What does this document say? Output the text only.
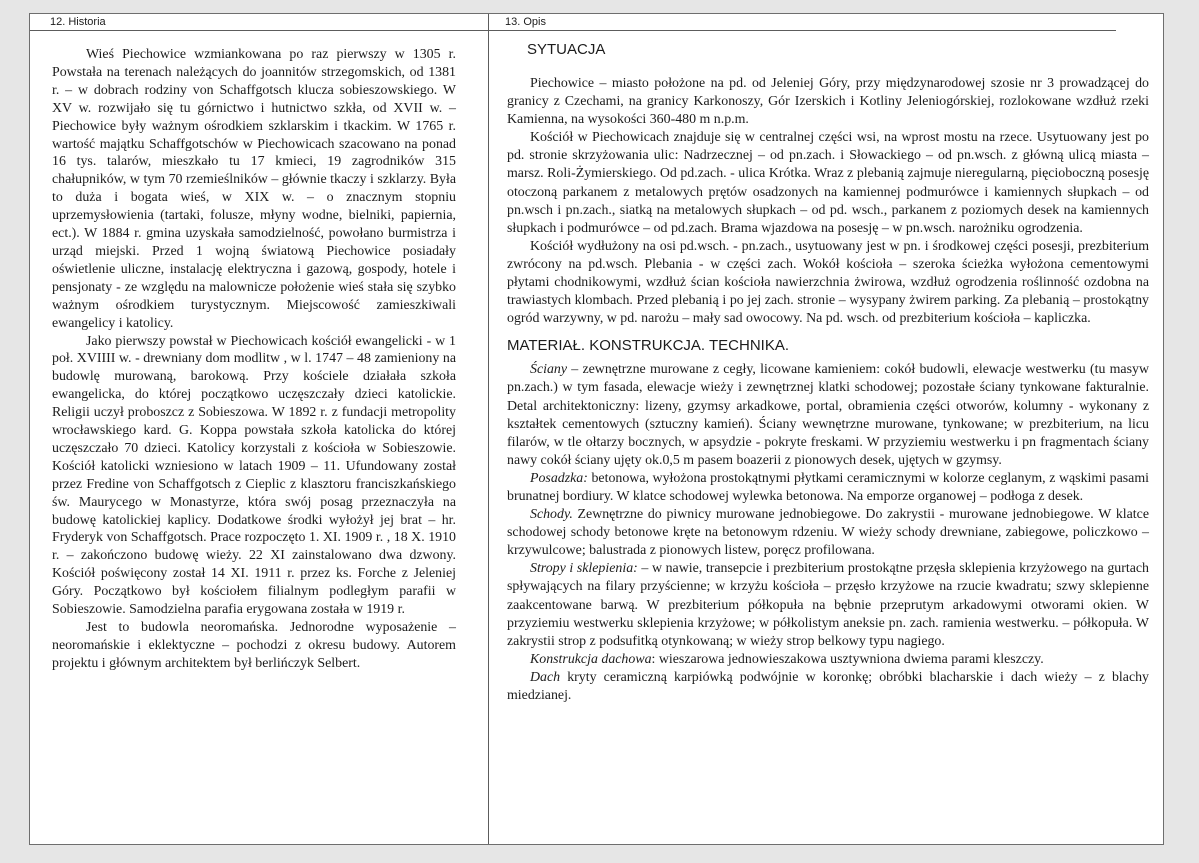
12. Historia	13. Opis

Wieś Piechowice wzmiankowana po raz pierwszy w 1305 r. Powstała na terenach należących do joannitów strzegomskich, od 1381 r. – w dobrach rodziny von Schaffgotsch klucza sobieszowskiego. W XV w. rozwijało się tu górnictwo i hutnictwo szkła, od XVII w. – Piechowice były ważnym ośrodkiem szklarskim i tkackim. W 1765 r. wartość majątku Schaffgotschów w Piechowicach szacowano na ponad 16 tys. talarów, mieszkało tu 17 kmieci, 19 zagrodników 315 chałupników, w tym 70 rzemieślników – głównie tkaczy i szklarzy. Była to duża i bogata wieś, w XIX w. – o znacznym stopniu uprzemysłowienia (tartaki, folusze, młyny wodne, bielniki, papiernia, ect.). W 1884 r. gmina uzyskała samodzielność, powołano burmistrza i urząd miejski. Przed 1 wojną światową Piechowice posiadały oświetlenie uliczne, instalację elektryczna i gazową, gospody, hotele i pensjonaty - ze względu na malownicze położenie wieś stała się szybko ważnym ośrodkiem turystycznym. Miejscowość zamieszkiwali ewangelicy i katolicy.

Jako pierwszy powstał w Piechowicach kościół ewangelicki - w 1 poł. XVIIII w. - drewniany dom modlitw , w l. 1747 – 48 zamieniony na budowlę murowaną, barokową. Przy kościele działała szkoła ewangelicka, do której początkowo uczęszczały dzieci katolickie. Religii uczył proboszcz z Sobieszowa. W 1892 r. z fundacji metropolity wrocławskiego kard. G. Koppa powstała szkoła katolicka do której uczęszczało 70 dzieci. Katolicy korzystali z kościoła w Sobieszowie. Kościół katolicki wzniesiono w latach 1909 – 11. Ufundowany został przez Fredine von Schaffgotsch z Cieplic z klasztoru franciszkańskiego św. Maurycego w Monastyrze, która swój posag przeznaczyła na budowę katolickiej kaplicy. Dodatkowe środki wyłożył jej brat – hr. Fryderyk von Schaffgotsch. Prace rozpoczęto 1. XI. 1909 r. , 18 X. 1910 r. – zakończono budowę wieży. 22 XI zainstalowano dwa dzwony. Kościół poświęcony został 14 XI. 1911 r. przez ks. Forche z Jeleniej Góry. Początkowo był kościołem filialnym podległym parafii w Sobieszowie. Samodzielna parafia erygowana została w 1919 r.

Jest to budowla neoromańska. Jednorodne wyposażenie – neoromańskie i eklektyczne – pochodzi z okresu budowy. Autorem projektu i głównym architektem był berlińczyk Selbert.

SYTUACJA

Piechowice – miasto położone na pd. od Jeleniej Góry, przy międzynarodowej szosie nr 3 prowadzącej do granicy z Czechami, na granicy Karkonoszy, Gór Izerskich i Kotliny Jeleniogórskiej, rozlokowane wzdłuż rzeki Kamienna, na wysokości 360-480 m n.p.m.

Kościół w Piechowicach znajduje się w centralnej części wsi, na wprost mostu na rzece. Usytuowany jest po pd. stronie skrzyżowania ulic: Nadrzecznej – od pn.zach. i Słowackiego – od pn.wsch. z główną ulicą miasta – marsz. Roli-Żymierskiego. Od pd.zach. - ulica Krótka. Wraz z plebanią zajmuje nieregularną, pięcioboczną posesję otoczoną parkanem z metalowych prętów osadzonych na kamiennej podmurówce i kamiennych słupkach – od pn.wsch i pn.zach., siatką na metalowych słupkach – od pd. wsch., parkanem z poziomych desek na kamiennych słupkach i podmurówce – od pd.zach. Brama wjazdowa na posesję – w pn.wsch. narożniku ogrodzenia.

Kościół wydłużony na osi pd.wsch. - pn.zach., usytuowany jest w pn. i środkowej części posesji, prezbiterium zwrócony na pd.wsch. Plebania - w części zach. Wokół kościoła – szeroka ścieżka wyłożona cementowymi płytami chodnikowymi, wzdłuż ścian kościoła nawierzchnia żwirowa, wzdłuż ogrodzenia roślinność ozdobna na trawiastych klombach. Przed plebanią i po jej zach. stronie – wysypany żwirem parking. Za plebanią – prostokątny ogród warzywny, w pd. narożu – mały sad owocowy. Na pd. wsch. od prezbiterium kościoła – kapliczka.

MATERIAŁ. KONSTRUKCJA. TECHNIKA.

Ściany – zewnętrzne murowane z cegły, licowane kamieniem: cokół budowli, elewacje westwerku (tu masyw pn.zach.) w tym fasada, elewacje wieży i zewnętrznej klatki schodowej; pozostałe ściany tynkowane fakturalnie. Detal architektoniczny: lizeny, gzymsy arkadkowe, portal, obramienia części otworów, kolumny - wykonany z kształtek cementowych (sztuczny kamień). Ściany wewnętrzne murowane, tynkowane; w prezbiterium, na licu filarów, w tle ołtarzy bocznych, w apsydzie - pokryte freskami. W przyziemiu westwerku i pn fragmentach ściany nawy cokół ściany ujęty ok.0,5 m pasem boazerii z pionowych desek, ujętych w gzymsy.

Posadzka: betonowa, wyłożona prostokątnymi płytkami ceramicznymi w kolorze ceglanym, z wąskimi pasami brunatnej bordiury. W klatce schodowej wylewka betonowa. Na emporze organowej – podłoga z desek.

Schody. Zewnętrzne do piwnicy murowane jednobiegowe. Do zakrystii - murowane jednobiegowe. W klatce schodowej schody betonowe kręte na betonowym rdzeniu. W wieży schody drewniane, zabiegowe, policzkowo – krzywulcowe; balustrada z pionowych listew, poręcz profilowana.

Stropy i sklepienia: – w nawie, transepcie i prezbiterium prostokątne przęsła sklepienia krzyżowego na gurtach spływających na filary przyścienne; w krzyżu kościoła – przęsło krzyżowe na rzucie kwadratu; szwy sklepienne zaakcentowane barwą. W prezbiterium półkopuła na bębnie przeprutym arkadowymi otworami okien. W przyziemiu westwerku sklepienia krzyżowe; w półkolistym aneksie pn. zach. ramienia westwerku. – półkopuła. W zakrystii strop z podsufitką otynkowaną; w wieży strop belkowy typu nagiego.

Konstrukcja dachowa: wieszarowa jednowieszakowa usztywniona dwiema parami kleszczy.

Dach kryty ceramiczną karpiówką podwójnie w koronkę; obróbki blacharskie i dach wieży – z blachy miedzianej.
